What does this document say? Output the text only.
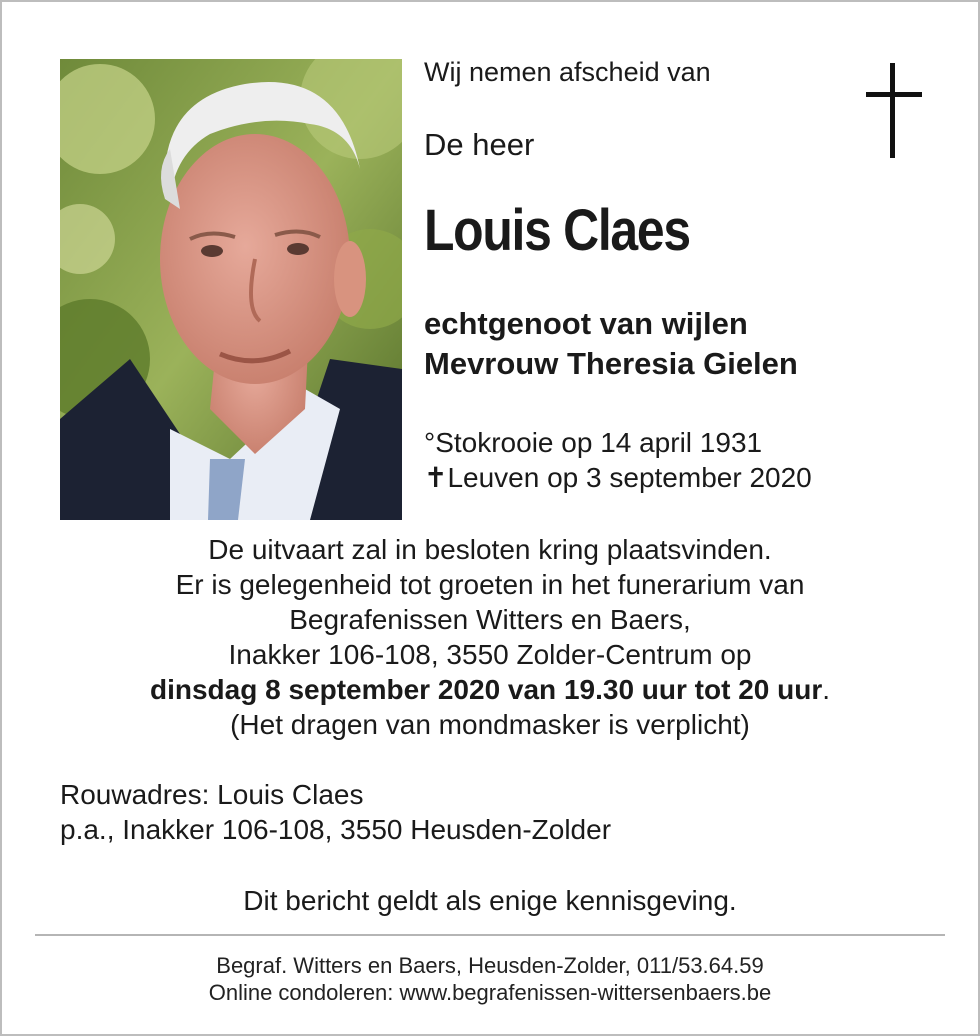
Wij nemen afscheid van
De heer
Louis Claes
echtgenoot van wijlen
Mevrouw Theresia Gielen
°Stokrooie op 14 april 1931
✝Leuven op 3 september 2020
De uitvaart zal in besloten kring plaatsvinden.
Er is gelegenheid tot groeten in het funerarium van
Begrafenissen Witters en Baers,
Inakker 106-108, 3550 Zolder-Centrum op
dinsdag 8 september 2020 van 19.30 uur tot 20 uur.
(Het dragen van mondmasker is verplicht)
Rouwadres: Louis Claes
p.a., Inakker 106-108, 3550 Heusden-Zolder
Dit bericht geldt als enige kennisgeving.
Begraf. Witters en Baers, Heusden-Zolder, 011/53.64.59
Online condoleren: www.begrafenissen-wittersenbaers.be
